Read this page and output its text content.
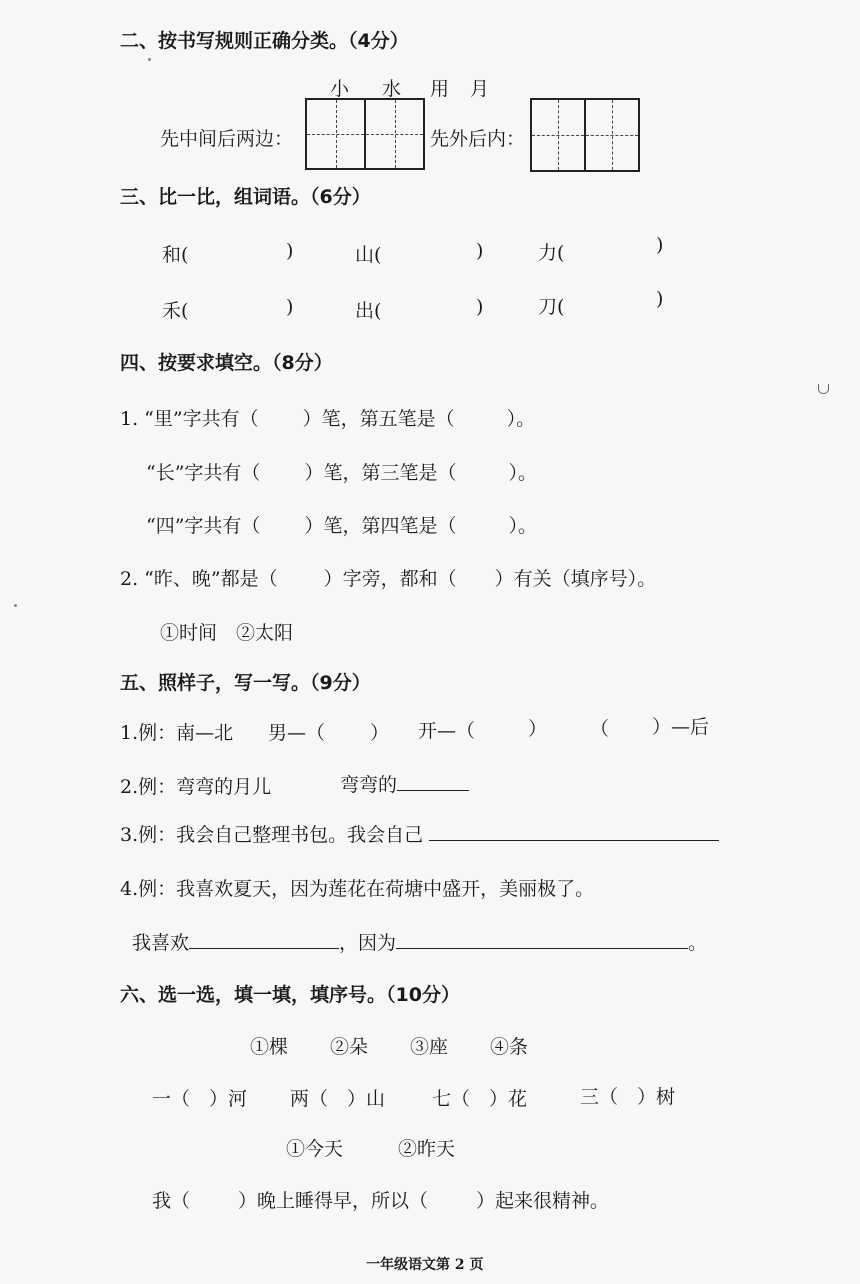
二、按书写规则正确分类。（4分）
小 水 用 月
先中间后两边：	先外后内：
三、比一比，组词语。（6分）
和(	)	山(	)	力(	)
禾(	)	出(	)	刀(	)
四、按要求填空。（8分）
1. “里”字共有（ ）笔，第五笔是（	）。
“长”字共有（ ）笔，第三笔是（	）。
“四”字共有（ ）笔，第四笔是（	）。
2. “昨、晚”都是（ ）字旁，都和（ ）有关（填序号）。
①时间　②太阳
五、照样子，写一写。（9分）
1.例：南—北 男—（ ） 开—（	） （ ）—后
2.例：弯弯的月儿	弯弯的
3.例：我会自己整理书包。我会自己
4.例：我喜欢夏天，因为莲花在荷塘中盛开，美丽极了。
我喜欢	，因为	。
六、选一选，填一填，填序号。（10分）
①棵 ②朵 ③座 ④条
一（　）河 两（　）山 七（　）花	三（　）树
①今天	②昨天
我（	）晚上睡得早，所以（	）起来很精神。
一年级语文第 2 页
